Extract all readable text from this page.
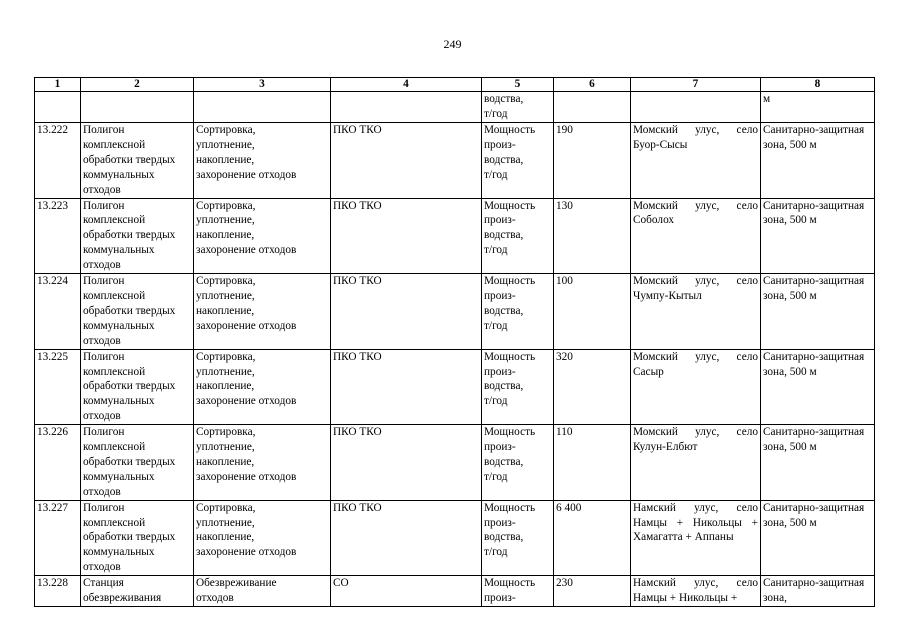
249
1	2	3	4	5	6	7	8
				водства,
т/год			м
13.222	Полигон
комплексной
обработки твердых
коммунальных
отходов	Сортировка,
уплотнение,
накопление,
захоронение отходов	ПКО ТКО	Мощность
произ-
водства,
т/год	190	Момский улус, село Буор-Сысы	Санитарно-защитная зона, 500 м
13.223	Полигон
комплексной
обработки твердых
коммунальных
отходов	Сортировка,
уплотнение,
накопление,
захоронение отходов	ПКО ТКО	Мощность
произ-
водства,
т/год	130	Момский улус, село Соболох	Санитарно-защитная зона, 500 м
13.224	Полигон
комплексной
обработки твердых
коммунальных
отходов	Сортировка,
уплотнение,
накопление,
захоронение отходов	ПКО ТКО	Мощность
произ-
водства,
т/год	100	Момский улус, село Чумпу-Кытыл	Санитарно-защитная зона, 500 м
13.225	Полигон
комплексной
обработки твердых
коммунальных
отходов	Сортировка,
уплотнение,
накопление,
захоронение отходов	ПКО ТКО	Мощность
произ-
водства,
т/год	320	Момский улус, село Сасыр	Санитарно-защитная зона, 500 м
13.226	Полигон
комплексной
обработки твердых
коммунальных
отходов	Сортировка,
уплотнение,
накопление,
захоронение отходов	ПКО ТКО	Мощность
произ-
водства,
т/год	110	Момский улус, село Кулун-Елбют	Санитарно-защитная зона, 500 м
13.227	Полигон
комплексной
обработки твердых
коммунальных
отходов	Сортировка,
уплотнение,
накопление,
захоронение отходов	ПКО ТКО	Мощность
произ-
водства,
т/год	6 400	Намский улус, село Намцы + Никольцы + Хамагатта + Аппаны	Санитарно-защитная зона, 500 м
13.228	Станция
обезвреживания	Обезвреживание
отходов	СО	Мощность
произ-	230	Намский улус, село Намцы + Никольцы +	Санитарно-защитная зона,
